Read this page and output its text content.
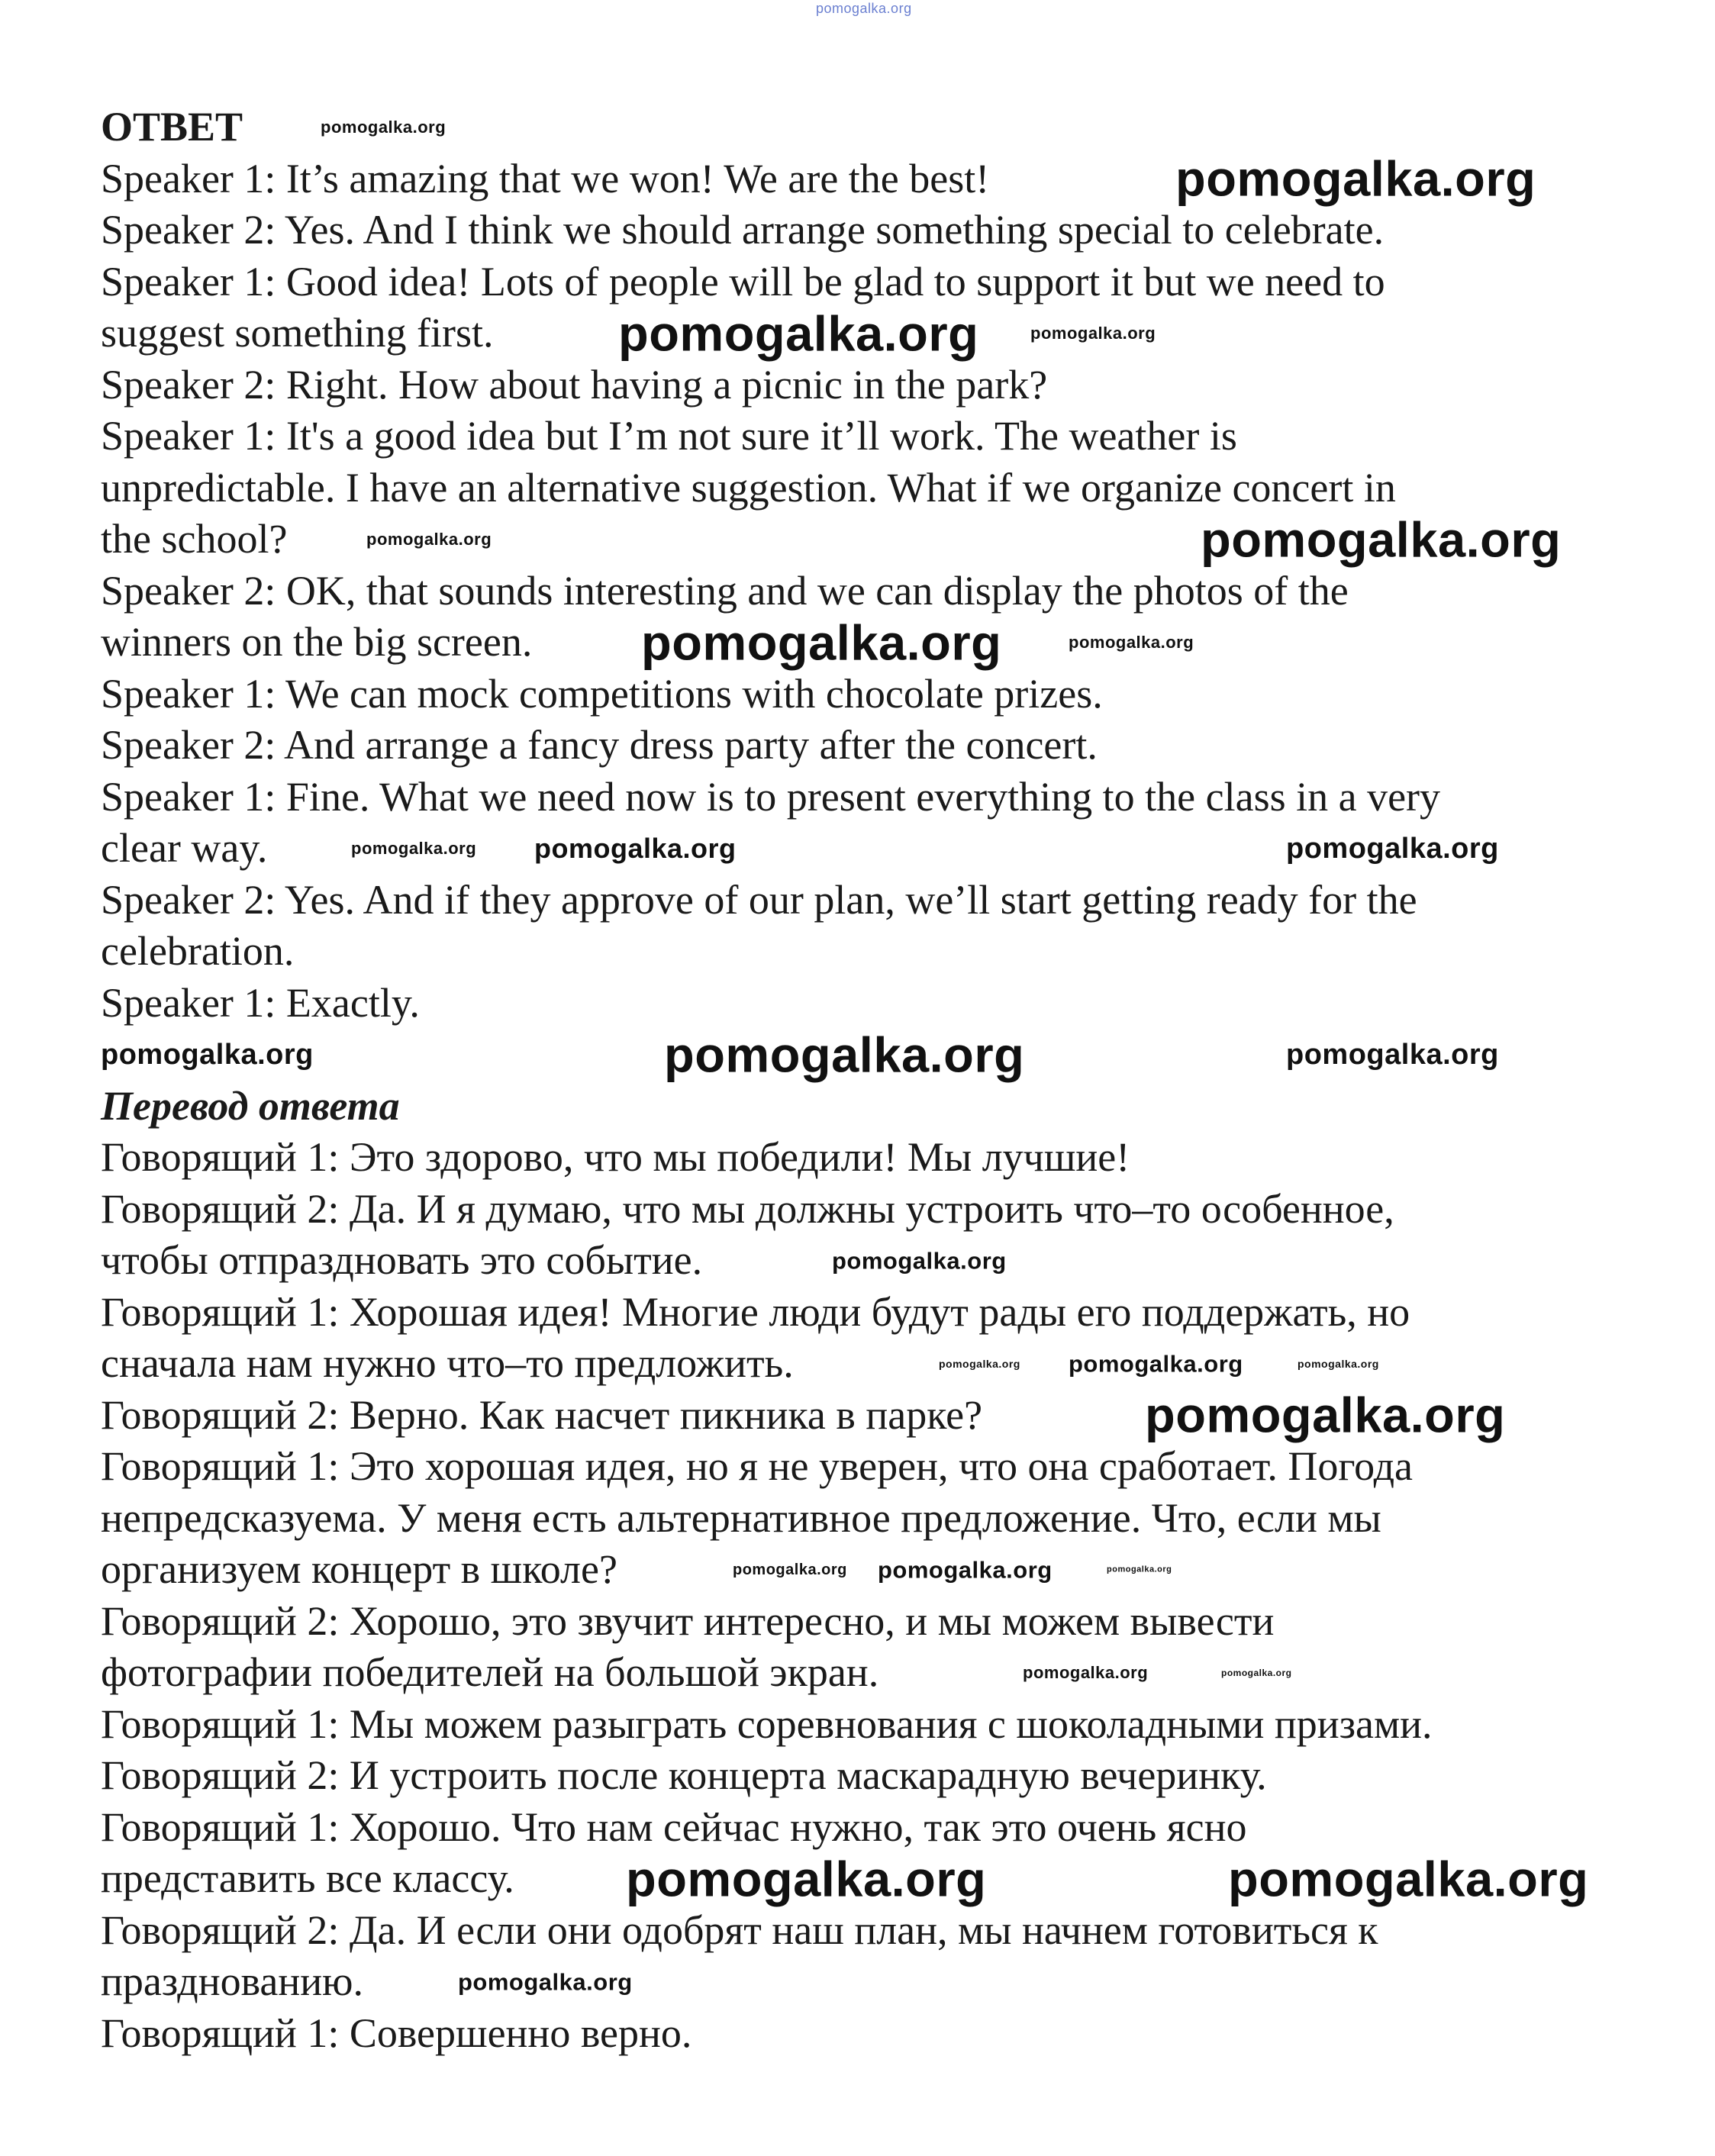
ОТВЕТ
Speaker 1: It’s amazing that we won! We are the best!
Speaker 2: Yes. And I think we should arrange something special to celebrate.
Speaker 1: Good idea! Lots of people will be glad to support it but we need to
suggest something first.
Speaker 2: Right. How about having a picnic in the park?
Speaker 1: It's a good idea but I’m not sure it’ll work. The weather is
unpredictable. I have an alternative suggestion. What if we organize concert in
the school?
Speaker 2: OK, that sounds interesting and we can display the photos of the
winners on the big screen.
Speaker 1: We can mock competitions with chocolate prizes.
Speaker 2: And arrange a fancy dress party after the concert.
Speaker 1: Fine. What we need now is to present everything to the class in a very
clear way.
Speaker 2: Yes. And if they approve of our plan, we’ll start getting ready for the
celebration.
Speaker 1: Exactly.
Перевод ответа
Говорящий 1: Это здорово, что мы победили! Мы лучшие!
Говорящий 2: Да. И я думаю, что мы должны устроить что–то особенное,
чтобы отпраздновать это событие.
Говорящий 1: Хорошая идея! Многие люди будут рады его поддержать, но
сначала нам нужно что–то предложить.
Говорящий 2: Верно. Как насчет пикника в парке?
Говорящий 1: Это хорошая идея, но я не уверен, что она сработает. Погода
непредсказуема. У меня есть альтернативное предложение. Что, если мы
организуем концерт в школе?
Говорящий 2: Хорошо, это звучит интересно, и мы можем вывести
фотографии победителей на большой экран.
Говорящий 1: Мы можем разыграть соревнования с шоколадными призами.
Говорящий 2: И устроить после концерта маскарадную вечеринку.
Говорящий 1: Хорошо. Что нам сейчас нужно, так это очень ясно
представить все классу.
Говорящий 2: Да. И если они одобрят наш план, мы начнем готовиться к
празднованию.
Говорящий 1: Совершенно верно.
pomogalka.org
pomogalka.org
pomogalka.org
pomogalka.org	pomogalka.org
pomogalka.org	pomogalka.org
pomogalka.org	pomogalka.org
pomogalka.org pomogalka.org	pomogalka.org
pomogalka.org	pomogalka.org	pomogalka.org
pomogalka.org
pomogalka.org pomogalka.org	pomogalka.org
pomogalka.org
pomogalka.org pomogalka.org	pomogalka.org
pomogalka.org	pomogalka.org
pomogalka.org	pomogalka.org
pomogalka.org
